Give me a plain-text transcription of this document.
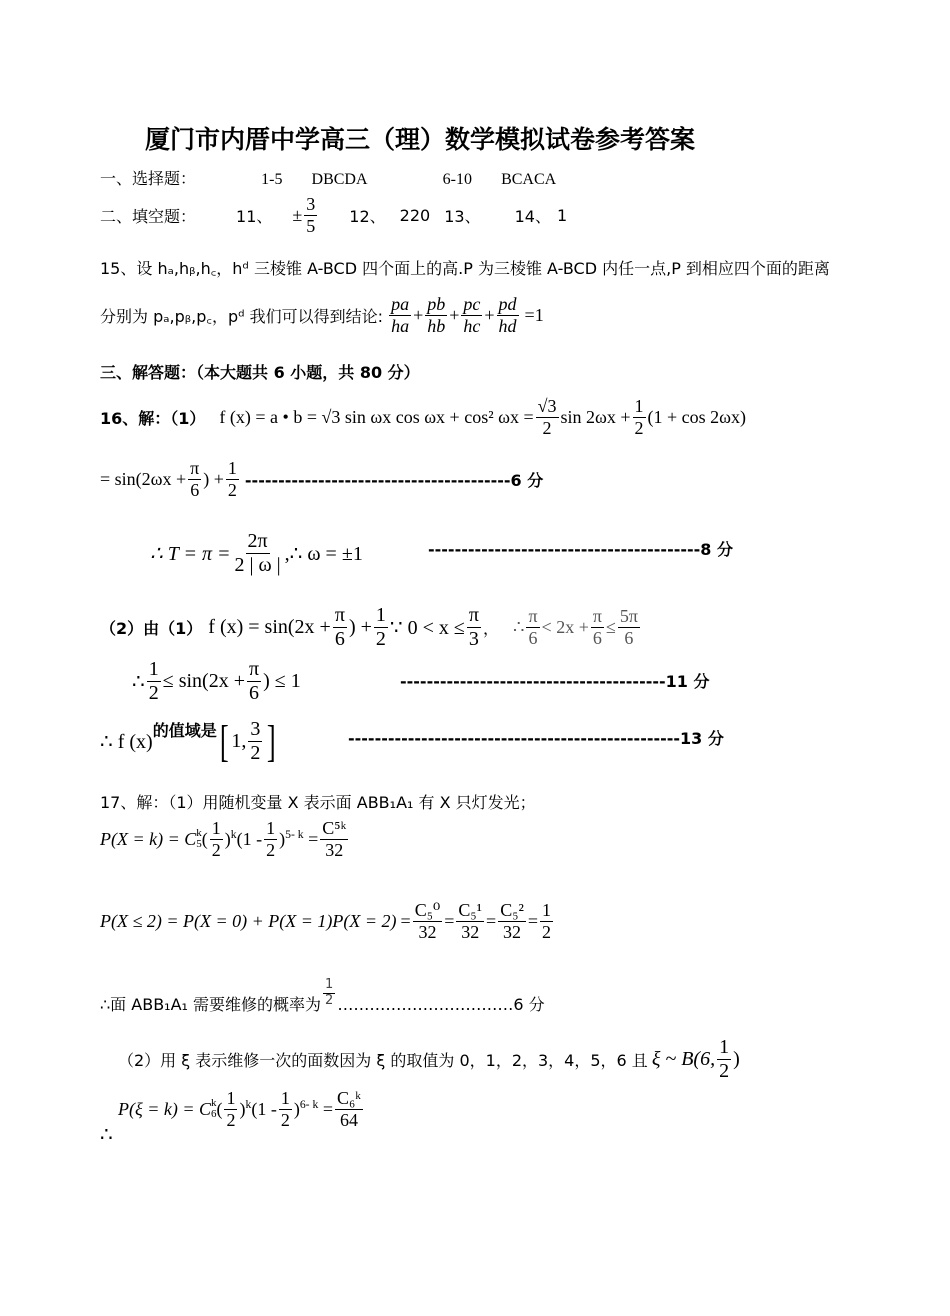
厦门市内厝中学高三（理）数学模拟试卷参考答案
一、选择题：	1-5 DBCDA	6-10 BCACA
二、填空题：	11、 ± $\frac{3}{5} 12$、 220 13、 14、 1
15、设 hₐ,hᵦ,h꜀，hᵈ 三棱锥 A-BCD 四个面上的高.P 为三棱锥 A-BCD 内任一点,P 到相应四个面的距离
分别为 pₐ,pᵦ,p꜀，pᵈ 我们可以得到结论: $\frac{pa}{ha} + \frac{pb}{hb} + \frac{pc}{hc} + \frac{pd}{hd} =1$
三、解答题：（本大题共 6 小题，共 80 分）
16、解：（1） f (x) = a • b = √3 sin ωx cos ωx + cos² $\omega x = \frac{√3}{2}$ $\sin 2\omega x + \frac{1}{2} (1 + \cos 2\omega x)$
= $\sin(2\omega x + \frac{\pi}{6}$ ) + $\frac{1}{2} ----------------------------------------6$ 分
∴ $T = \pi = \frac{2\pi}{2 | \omega |}$ ,∴ ω = ±1	-----------------------------------------8 分
（2）由（1） f $(x) = \sin(2x + \frac{\pi}{6}$ ) + $\frac{1}{2}$ ∵ $0 < x \le \frac{\pi}{3}$ ， ∴ $\frac{\pi}{6} < 2x + \frac{\pi}{6} \le \frac{5\pi}{6}$
∴ $\frac{1}{2} \le \sin(2x + \frac{\pi}{6}$ ) ≤ 1	----------------------------------------11 分
∴ f (x)
的值域是 [ 1, $\frac{3}{2}$ ]	--------------------------------------------------13 分
17、解：（1）用随机变量 X 表示面 ABB₁A₁ 有 X 只灯发光；
P(X = k) = C k
5 ( $\frac{1}{2} )^k$ $(1 - \frac{1}{2} )^{5- k} = \frac{\text{C⁵ᵏ}}{32}$
$P(X \le 2) = P(X = 0) + P(X = 1)P(X = 2) = \frac{\text{C₅⁰}}{32} = \frac{\text{C₅¹}}{32} = \frac{\text{C₅²}}{32} = \frac{1}{2}$
∴面 ABB₁A₁ 需要维修的概率为 $\frac{1}{2}$ ……………………………6 分
（2）用 ξ 表示维修一次的面数因为 ξ 的取值为 0，1，2，3，4，5，6 且 ξ ~ B(6, $\frac{1}{2}$ )
P(ξ = k) = C k
6 ( $\frac{1}{2} )^k$ $(1 - \frac{1}{2} )^{6- k} = \frac{\text{C₆ᵏ}}{64}$
∴
